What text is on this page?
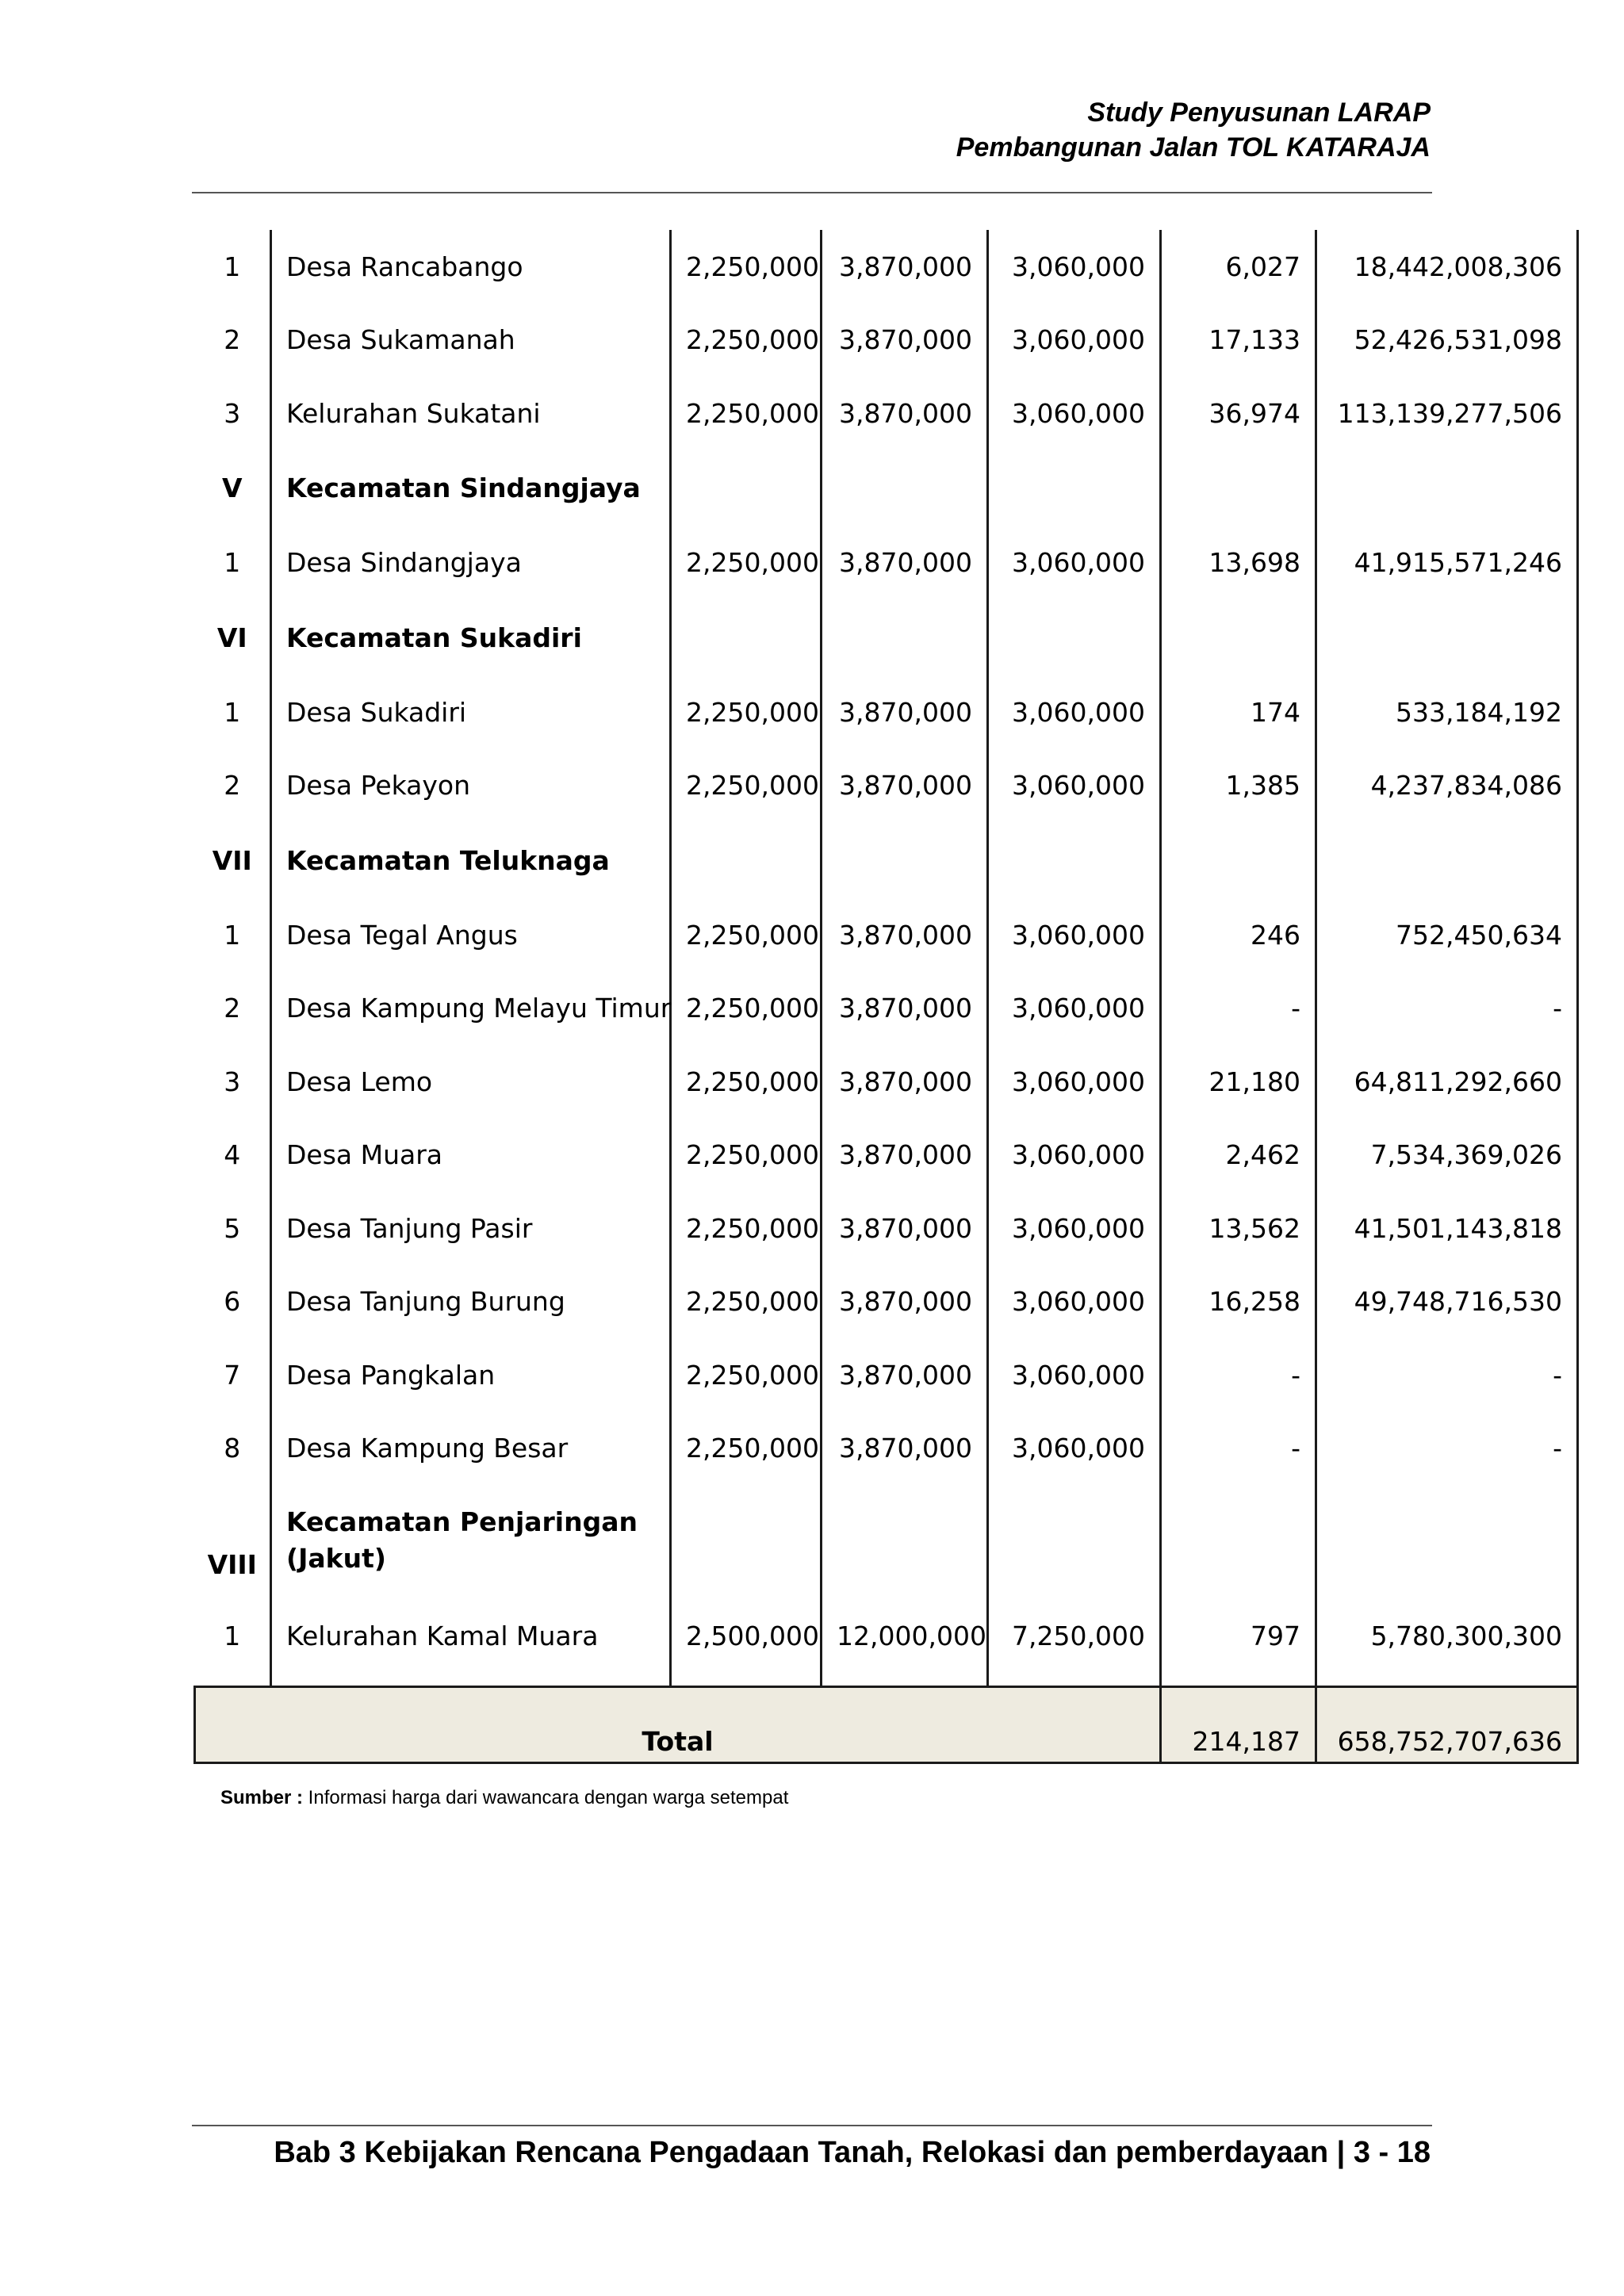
Study Penyusunan LARAP
Pembangunan Jalan TOL KATARAJA
1	Desa Rancabango	2,250,000	3,870,000	3,060,000	6,027	18,442,008,306
2	Desa Sukamanah	2,250,000	3,870,000	3,060,000	17,133	52,426,531,098
3	Kelurahan Sukatani	2,250,000	3,870,000	3,060,000	36,974	113,139,277,506
V	Kecamatan Sindangjaya					
1	Desa Sindangjaya	2,250,000	3,870,000	3,060,000	13,698	41,915,571,246
VI	Kecamatan Sukadiri					
1	Desa Sukadiri	2,250,000	3,870,000	3,060,000	174	533,184,192
2	Desa Pekayon	2,250,000	3,870,000	3,060,000	1,385	4,237,834,086
VII	Kecamatan Teluknaga					
1	Desa Tegal Angus	2,250,000	3,870,000	3,060,000	246	752,450,634
2	Desa Kampung Melayu Timur	2,250,000	3,870,000	3,060,000	-	-
3	Desa Lemo	2,250,000	3,870,000	3,060,000	21,180	64,811,292,660
4	Desa Muara	2,250,000	3,870,000	3,060,000	2,462	7,534,369,026
5	Desa Tanjung Pasir	2,250,000	3,870,000	3,060,000	13,562	41,501,143,818
6	Desa Tanjung Burung	2,250,000	3,870,000	3,060,000	16,258	49,748,716,530
7	Desa Pangkalan	2,250,000	3,870,000	3,060,000	-	-
8	Desa Kampung Besar	2,250,000	3,870,000	3,060,000	-	-
VIII	Kecamatan Penjaringan (Jakut)					
1	Kelurahan Kamal Muara	2,500,000	12,000,000	7,250,000	797	5,780,300,300
Total					214,187	658,752,707,636
Sumber : Informasi harga dari wawancara dengan warga setempat
Bab 3 Kebijakan Rencana Pengadaan Tanah, Relokasi dan pemberdayaan | 3 - 18
